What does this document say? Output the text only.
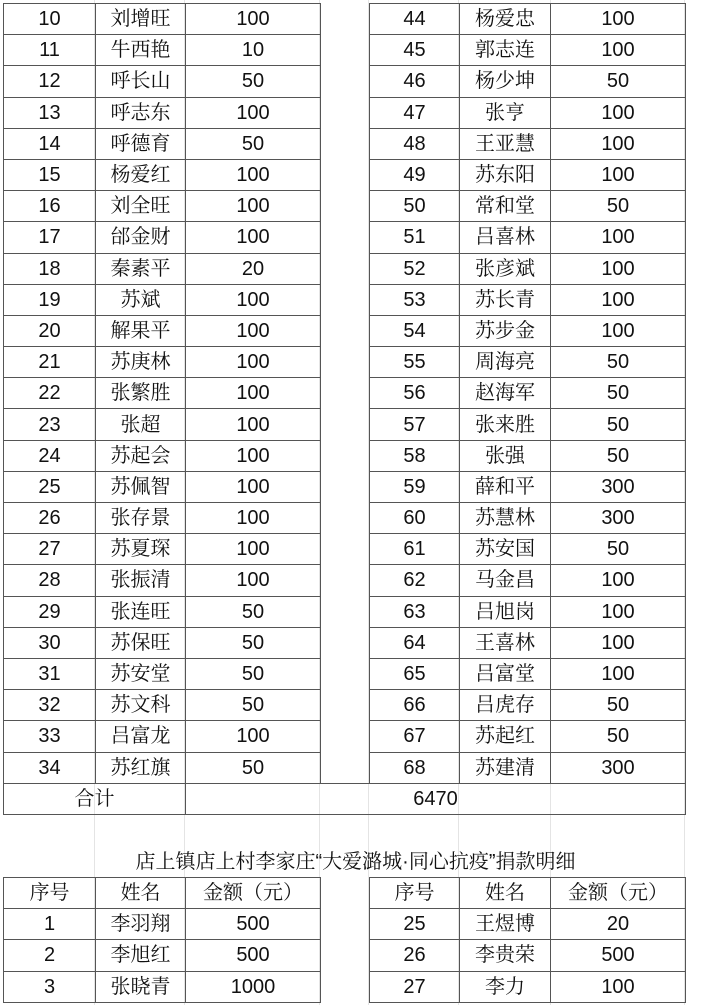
10	刘增旺	100
11	牛西艳	10
12	呼长山	50
13	呼志东	100
14	呼德育	50
15	杨爱红	100
16	刘全旺	100
17	邰金财	100
18	秦素平	20
19	苏斌	100
20	解果平	100
21	苏庚林	100
22	张繁胜	100
23	张超	100
24	苏起会	100
25	苏佩智	100
26	张存景	100
27	苏夏琛	100
28	张振清	100
29	张连旺	50
30	苏保旺	50
31	苏安堂	50
32	苏文科	50
33	吕富龙	100
34	苏红旗	50
44	杨爱忠	100
45	郭志连	100
46	杨少坤	50
47	张亨	100
48	王亚慧	100
49	苏东阳	100
50	常和堂	50
51	吕喜林	100
52	张彦斌	100
53	苏长青	100
54	苏步金	100
55	周海亮	50
56	赵海军	50
57	张来胜	50
58	张强	50
59	薛和平	300
60	苏慧林	300
61	苏安国	50
62	马金昌	100
63	吕旭岗	100
64	王喜林	100
65	吕富堂	100
66	吕虎存	50
67	苏起红	50
68	苏建清	300
合计	6470
店上镇店上村李家庄“大爱潞城·同心抗疫”捐款明细
序号	姓名	金额（元）
1	李羽翔	500
2	李旭红	500
3	张晓青	1000
序号	姓名	金额（元）
25	王煜博	20
26	李贵荣	500
27	李力	100
